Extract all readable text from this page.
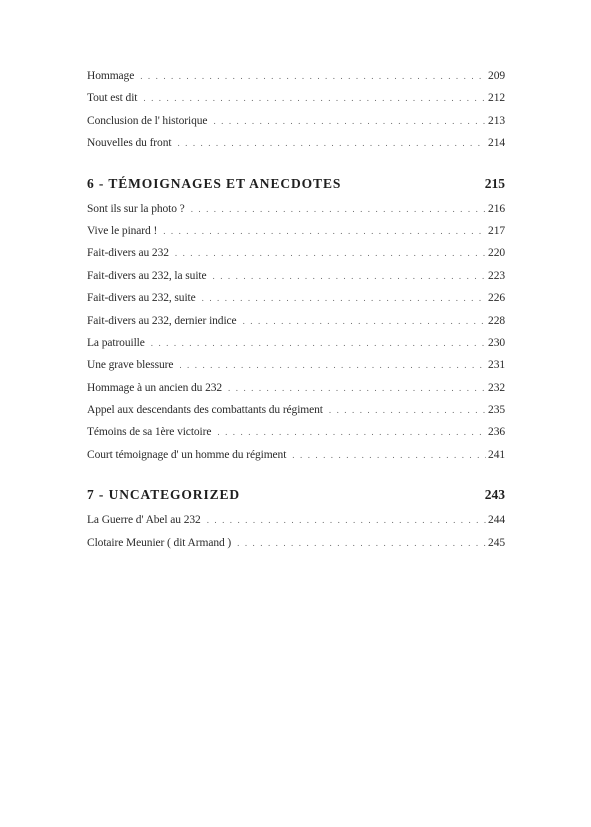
Hommage . . .	209
Tout est dit . . .	212
Conclusion de l' historique . . .	213
Nouvelles du front . . .	214
6 - TÉMOIGNAGES ET ANECDOTES	215
Sont ils sur la photo ? . . .	216
Vive le pinard ! . . .	217
Fait-divers au 232 . . .	220
Fait-divers au 232, la suite . . .	223
Fait-divers au 232, suite . . .	226
Fait-divers au 232, dernier indice . . .	228
La patrouille . . .	230
Une grave blessure . . .	231
Hommage à un ancien du 232 . . .	232
Appel aux descendants des combattants du régiment . . .	235
Témoins de sa 1ère victoire . . .	236
Court témoignage d' un homme du régiment . . .	241
7 - UNCATEGORIZED	243
La Guerre d' Abel au 232 . . .	244
Clotaire Meunier ( dit Armand ) . . .	245
